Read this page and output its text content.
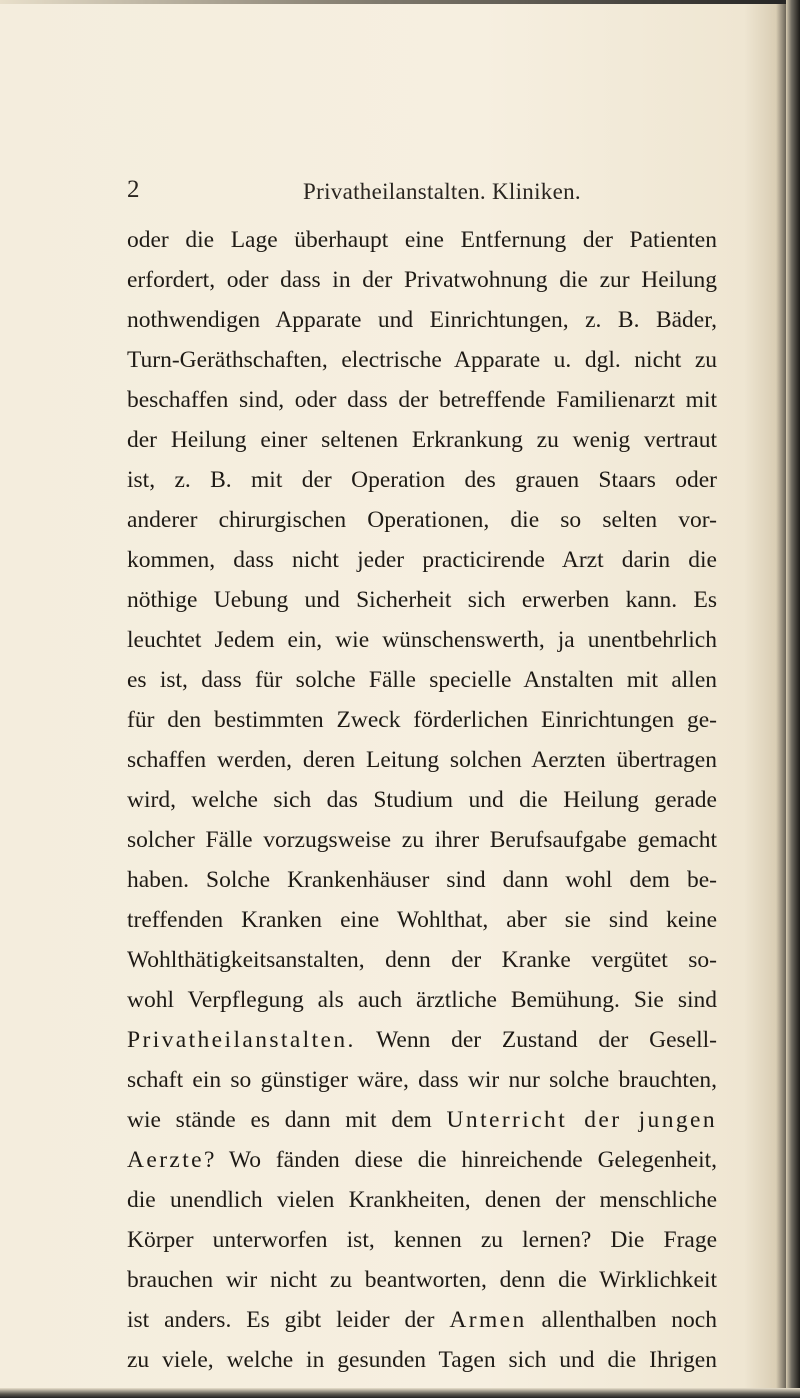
2	Privatheilanstalten. Kliniken.
oder die Lage überhaupt eine Entfernung der Patienten
erfordert, oder dass in der Privatwohnung die zur Heilung
nothwendigen Apparate und Einrichtungen, z. B. Bäder,
Turn-Geräthschaften, electrische Apparate u. dgl. nicht zu
beschaffen sind, oder dass der betreffende Familienarzt mit
der Heilung einer seltenen Erkrankung zu wenig vertraut
ist, z. B. mit der Operation des grauen Staars oder
anderer chirurgischen Operationen, die so selten vor-
kommen, dass nicht jeder practicirende Arzt darin die
nöthige Uebung und Sicherheit sich erwerben kann. Es
leuchtet Jedem ein, wie wünschenswerth, ja unentbehrlich
es ist, dass für solche Fälle specielle Anstalten mit allen
für den bestimmten Zweck förderlichen Einrichtungen ge-
schaffen werden, deren Leitung solchen Aerzten übertragen
wird, welche sich das Studium und die Heilung gerade
solcher Fälle vorzugsweise zu ihrer Berufsaufgabe gemacht
haben. Solche Krankenhäuser sind dann wohl dem be-
treffenden Kranken eine Wohlthat, aber sie sind keine
Wohlthätigkeitsanstalten, denn der Kranke vergütet so-
wohl Verpflegung als auch ärztliche Bemühung. Sie sind
Privatheilanstalten. Wenn der Zustand der Gesell-
schaft ein so günstiger wäre, dass wir nur solche brauchten,
wie stände es dann mit dem Unterricht der jungen
Aerzte? Wo fänden diese die hinreichende Gelegenheit,
die unendlich vielen Krankheiten, denen der menschliche
Körper unterworfen ist, kennen zu lernen? Die Frage
brauchen wir nicht zu beantworten, denn die Wirklichkeit
ist anders. Es gibt leider der Armen allenthalben noch
zu viele, welche in gesunden Tagen sich und die Ihrigen
